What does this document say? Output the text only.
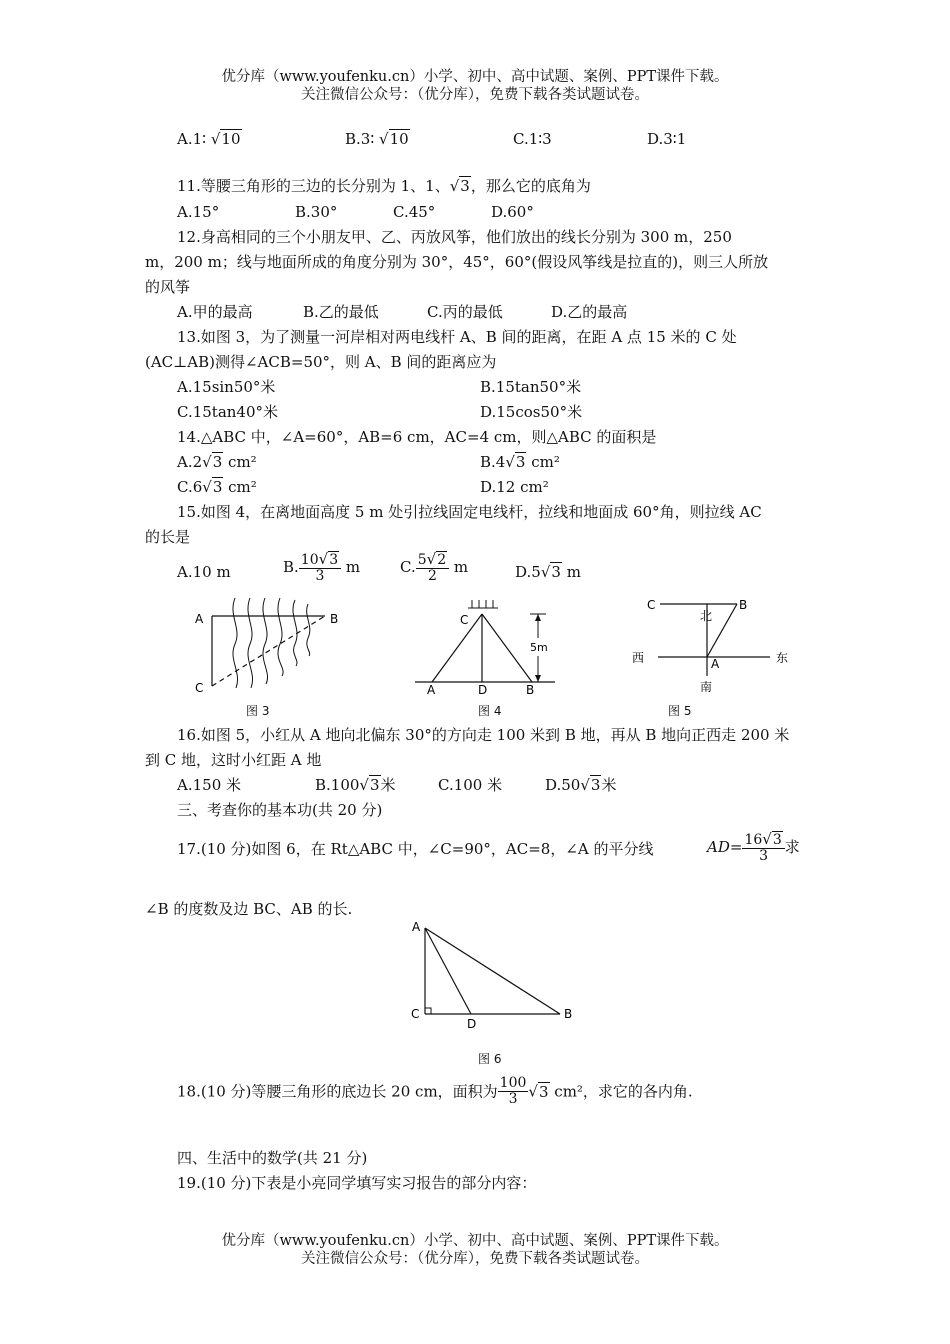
优分库（www.youfenku.cn）小学、初中、高中试题、案例、PPT课件下载。
关注微信公众号：（优分库），免费下载各类试题试卷。
A.1∶ √10	B.3∶ √10	C.1∶3	D.3∶1
11.等腰三角形的三边的长分别为 1、1、√3，那么它的底角为
A.15°	B.30°	C.45°	D.60°
12.身高相同的三个小朋友甲、乙、丙放风筝，他们放出的线长分别为 300 m，250
m，200 m；线与地面所成的角度分别为 30°，45°，60°(假设风筝线是拉直的)，则三人所放
的风筝
A.甲的最高	B.乙的最低	C.丙的最低	D.乙的最高
13.如图 3，为了测量一河岸相对两电线杆 A、B 间的距离，在距 A 点 15 米的 C 处
(AC⊥AB)测得∠ACB=50°，则 A、B 间的距离应为
A.15sin50°米	B.15tan50°米
C.15tan40°米	D.15cos50°米
14.△ABC 中，∠A=60°，AB=6 cm，AC=4 cm，则△ABC 的面积是
A.2√3 cm²	B.4√3 cm²
C.6√3 cm²	D.12 cm²
15.如图 4，在离地面高度 5 m 处引拉线固定电线杆，拉线和地面成 60°角，则拉线 AC
的长是
A.10 m	B. $\frac{10√3}{3}$ m	C. $\frac{5√2}{2}$ m	D.5√3 m
A	B
C
图 3
5m
C
A	D	B
图 4
C	B
A
北
南
西	东
图 5
16.如图 5，小红从 A 地向北偏东 30°的方向走 100 米到 B 地，再从 B 地向正西走 200 米
到 C 地，这时小红距 A 地
A.150 米	B.100√3米	C.100 米	D.50√3米
三、考查你的基本功(共 20 分)
17.(10 分)如图 6，在 Rt△ABC 中，∠C=90°，AC=8，∠A 的平分线	$AD= \frac{16√3}{3}$ 求
∠B 的度数及边 BC、AB 的长.
A
C
D
B
图 6
18.(10 分)等腰三角形的底边长 20 cm，面积为 $\frac{100}{3} √3$ cm²，求它的各内角.
四、生活中的数学(共 21 分)
19.(10 分)下表是小亮同学填写实习报告的部分内容：
优分库（www.youfenku.cn）小学、初中、高中试题、案例、PPT课件下载。
关注微信公众号：（优分库），免费下载各类试题试卷。
